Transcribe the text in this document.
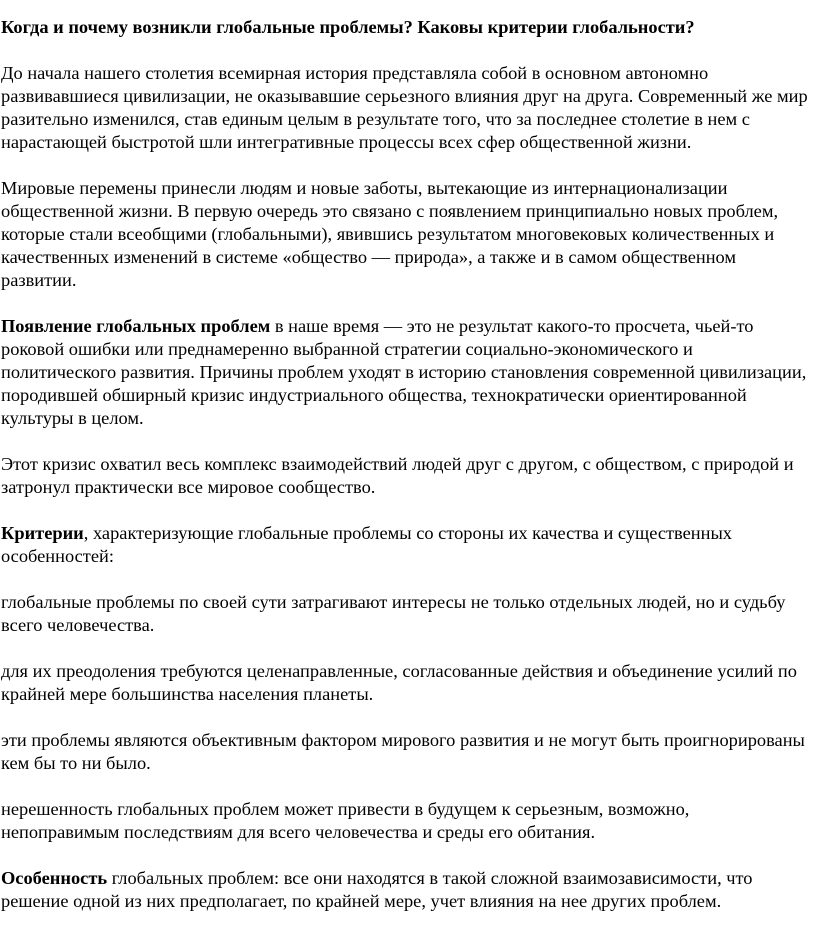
Когда и почему возникли глобальные проблемы? Каковы критерии глобальности?

До начала нашего столетия всемирная история представляла собой в основном автономно развивавшиеся цивилизации, не оказывавшие серьезного влияния друг на друга. Современный же мир разительно изменился, став единым целым в результате того, что за последнее столетие в нем с нарастающей быстротой шли интегративные процессы всех сфер общественной жизни.

Мировые перемены принесли людям и новые заботы, вытекающие из интернационализации общественной жизни. В первую очередь это связано с появлением принципиально новых проблем, которые стали всеобщими (глобальными), явившись результатом многовековых количественных и качественных изменений в системе «общество — природа», а также и в самом общественном развитии.

Появление глобальных проблем в наше время — это не результат какого-то просчета, чьей-то роковой ошибки или преднамеренно выбранной стратегии социально-экономического и политического развития. Причины проблем уходят в историю становления современной цивилизации, породившей обширный кризис индустриального общества, технократически ориентированной культуры в целом.

Этот кризис охватил весь комплекс взаимодействий людей друг с другом, с обществом, с природой и затронул практически все мировое сообщество.

Критерии, характеризующие глобальные проблемы со стороны их качества и существенных особенностей:

глобальные проблемы по своей сути затрагивают интересы не только отдельных людей, но и судьбу всего человечества.

для их преодоления требуются целенаправленные, согласованные действия и объединение усилий по крайней мере большинства населения планеты.

эти проблемы являются объективным фактором мирового развития и не могут быть проигнорированы кем бы то ни было.

нерешенность глобальных проблем может привести в будущем к серьезным, возможно, непоправимым последствиям для всего человечества и среды его обитания.

Особенность глобальных проблем: все они находятся в такой сложной взаимозависимости, что решение одной из них предполагает, по крайней мере, учет влияния на нее других проблем.
